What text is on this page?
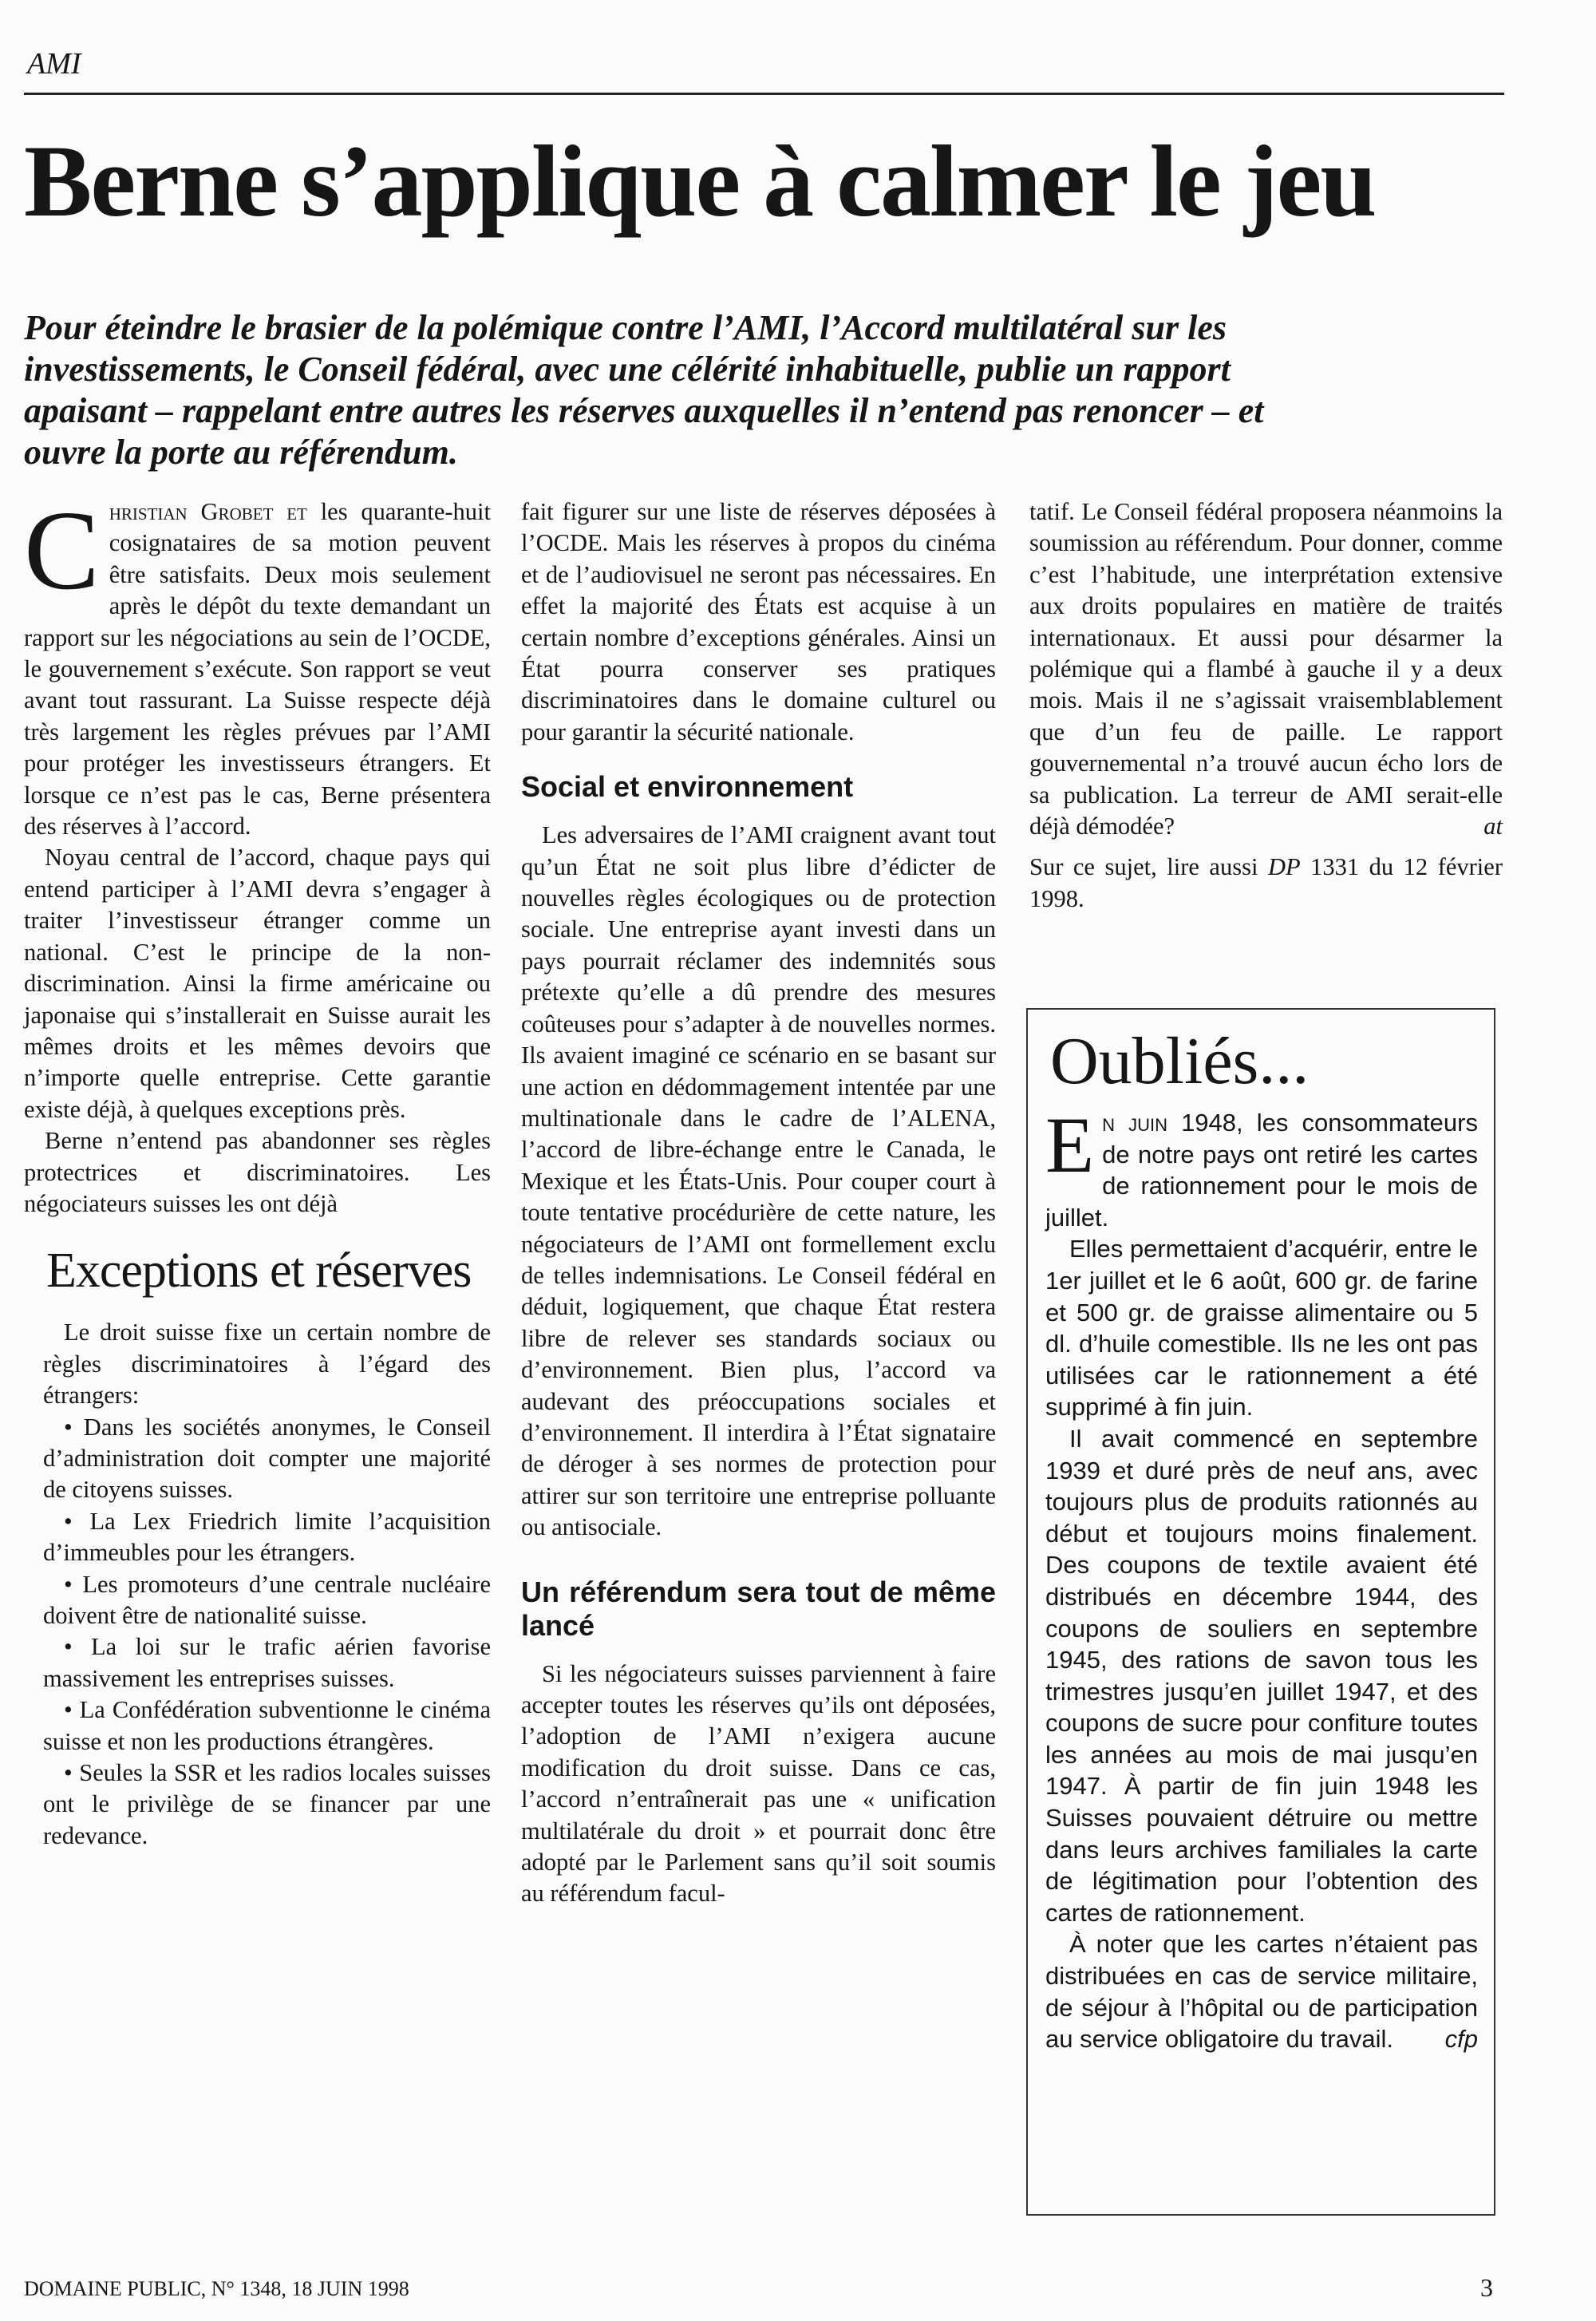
AMI
Berne s’applique à calmer le jeu
Pour éteindre le brasier de la polémique contre l’AMI, l’Accord multilatéral sur les investissements, le Conseil fédéral, avec une célérité inhabituelle, publie un rapport apaisant – rappelant entre autres les réserves auxquelles il n’entend pas renoncer – et ouvre la porte au référendum.

Christian Grobet et les quarante-huit cosignataires de sa motion peuvent être satisfaits. Deux mois seulement après le dépôt du texte demandant un rapport sur les négociations au sein de l’OCDE, le gouvernement s’exécute. Son rapport se veut avant tout rassurant. La Suisse respecte déjà très largement les règles prévues par l’AMI pour protéger les investisseurs étrangers. Et lorsque ce n’est pas le cas, Berne présentera des réserves à l’accord.

Noyau central de l’accord, chaque pays qui entend participer à l’AMI devra s’engager à traiter l’investisseur étranger comme un national. C’est le principe de la non-discrimination. Ainsi la firme américaine ou japonaise qui s’installerait en Suisse aurait les mêmes droits et les mêmes devoirs que n’importe quelle entreprise. Cette garantie existe déjà, à quelques exceptions près.

Berne n’entend pas abandonner ses règles protectrices et discriminatoires. Les négociateurs suisses les ont déjà

Exceptions et réserves

Le droit suisse fixe un certain nombre de règles discriminatoires à l’égard des étrangers:

• Dans les sociétés anonymes, le Conseil d’administration doit compter une majorité de citoyens suisses.

• La Lex Friedrich limite l’acquisition d’immeubles pour les étrangers.

• Les promoteurs d’une centrale nucléaire doivent être de nationalité suisse.

• La loi sur le trafic aérien favorise massivement les entreprises suisses.

• La Confédération subventionne le cinéma suisse et non les productions étrangères.

• Seules la SSR et les radios locales suisses ont le privilège de se financer par une redevance.

fait figurer sur une liste de réserves déposées à l’OCDE. Mais les réserves à propos du cinéma et de l’audiovisuel ne seront pas nécessaires. En effet la majorité des États est acquise à un certain nombre d’exceptions générales. Ainsi un État pourra conserver ses pratiques discriminatoires dans le domaine culturel ou pour garantir la sécurité nationale.

Social et environnement

Les adversaires de l’AMI craignent avant tout qu’un État ne soit plus libre d’édicter de nouvelles règles écologiques ou de protection sociale. Une entreprise ayant investi dans un pays pourrait réclamer des indemnités sous prétexte qu’elle a dû prendre des mesures coûteuses pour s’adapter à de nouvelles normes. Ils avaient imaginé ce scénario en se basant sur une action en dédommagement intentée par une multinationale dans le cadre de l’ALENA, l’accord de libre-échange entre le Canada, le Mexique et les États-Unis. Pour couper court à toute tentative procédurière de cette nature, les négociateurs de l’AMI ont formellement exclu de telles indemnisations. Le Conseil fédéral en déduit, logiquement, que chaque État restera libre de relever ses standards sociaux ou d’environnement. Bien plus, l’accord va audevant des préoccupations sociales et d’environnement. Il interdira à l’État signataire de déroger à ses normes de protection pour attirer sur son territoire une entreprise polluante ou antisociale.

Un référendum sera tout de même lancé

Si les négociateurs suisses parviennent à faire accepter toutes les réserves qu’ils ont déposées, l’adoption de l’AMI n’exigera aucune modification du droit suisse. Dans ce cas, l’accord n’entraînerait pas une « unification multilatérale du droit » et pourrait donc être adopté par le Parlement sans qu’il soit soumis au référendum facul-

tatif. Le Conseil fédéral proposera néanmoins la soumission au référendum. Pour donner, comme c’est l’habitude, une interprétation extensive aux droits populaires en matière de traités internationaux. Et aussi pour désarmer la polémique qui a flambé à gauche il y a deux mois. Mais il ne s’agissait vraisemblablement que d’un feu de paille. Le rapport gouvernemental n’a trouvé aucun écho lors de sa publication. La terreur de AMI serait-elle déjà démodée?	at

Sur ce sujet, lire aussi DP 1331 du 12 février 1998.

Oubliés...

En juin 1948, les consommateurs de notre pays ont retiré les cartes de rationnement pour le mois de juillet.

Elles permettaient d’acquérir, entre le 1er juillet et le 6 août, 600 gr. de farine et 500 gr. de graisse alimentaire ou 5 dl. d’huile comestible. Ils ne les ont pas utilisées car le rationnement a été supprimé à fin juin.

Il avait commencé en septembre 1939 et duré près de neuf ans, avec toujours plus de produits rationnés au début et toujours moins finalement. Des coupons de textile avaient été distribués en décembre 1944, des coupons de souliers en septembre 1945, des rations de savon tous les trimestres jusqu’en juillet 1947, et des coupons de sucre pour confiture toutes les années au mois de mai jusqu’en 1947. À partir de fin juin 1948 les Suisses pouvaient détruire ou mettre dans leurs archives familiales la carte de légitimation pour l’obtention des cartes de rationnement.

À noter que les cartes n’étaient pas distribuées en cas de service militaire, de séjour à l’hôpital ou de participation au service obligatoire du travail.	cfp

DOMAINE PUBLIC, N° 1348, 18 JUIN 1998	3
